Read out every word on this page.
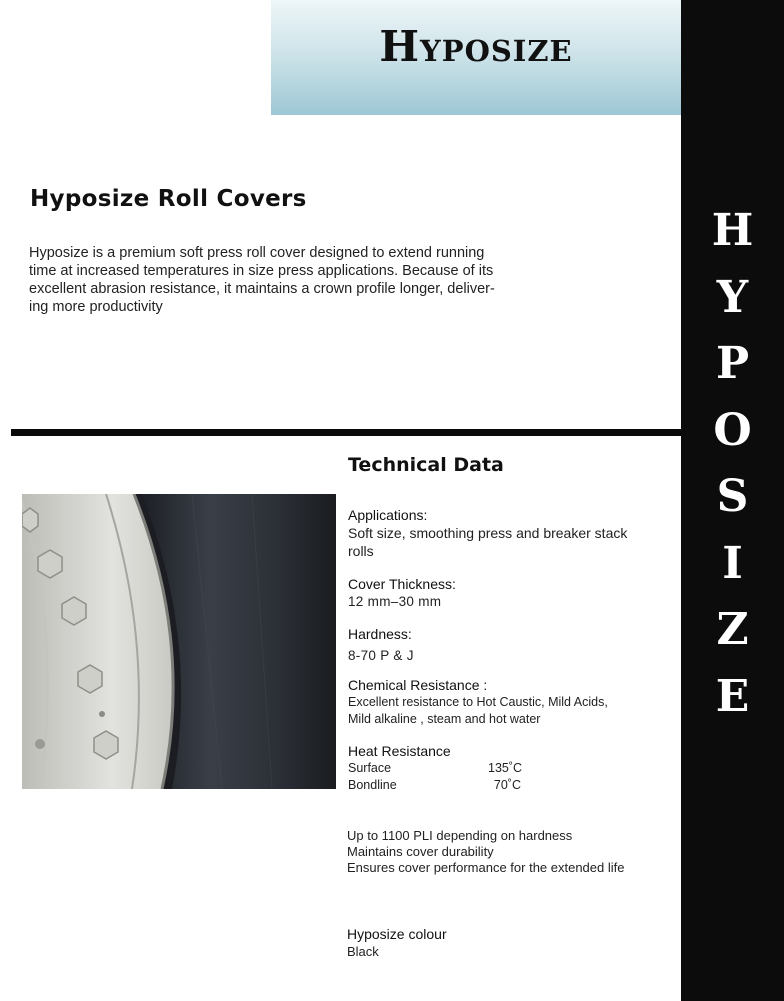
Hyposize
H
Y
P
O
S
I
Z
E
Hyposize Roll Covers
Hyposize is a premium soft press roll cover designed to extend running
time at increased temperatures in size press applications. Because of its
excellent abrasion resistance, it maintains a crown profile longer, deliver-
ing more productivity
Technical Data
Applications:
Soft size, smoothing press and breaker stack
rolls
Cover Thickness:
12 mm–30 mm
Hardness:
8-70 P & J
Chemical Resistance :
Excellent resistance to Hot Caustic, Mild Acids,
Mild alkaline , steam and hot water
Heat Resistance
Surface	135˚C
Bondline	70˚C
Up to 1100 PLI depending on hardness
Maintains cover durability
Ensures cover performance for the extended life
Hyposize colour
Black
